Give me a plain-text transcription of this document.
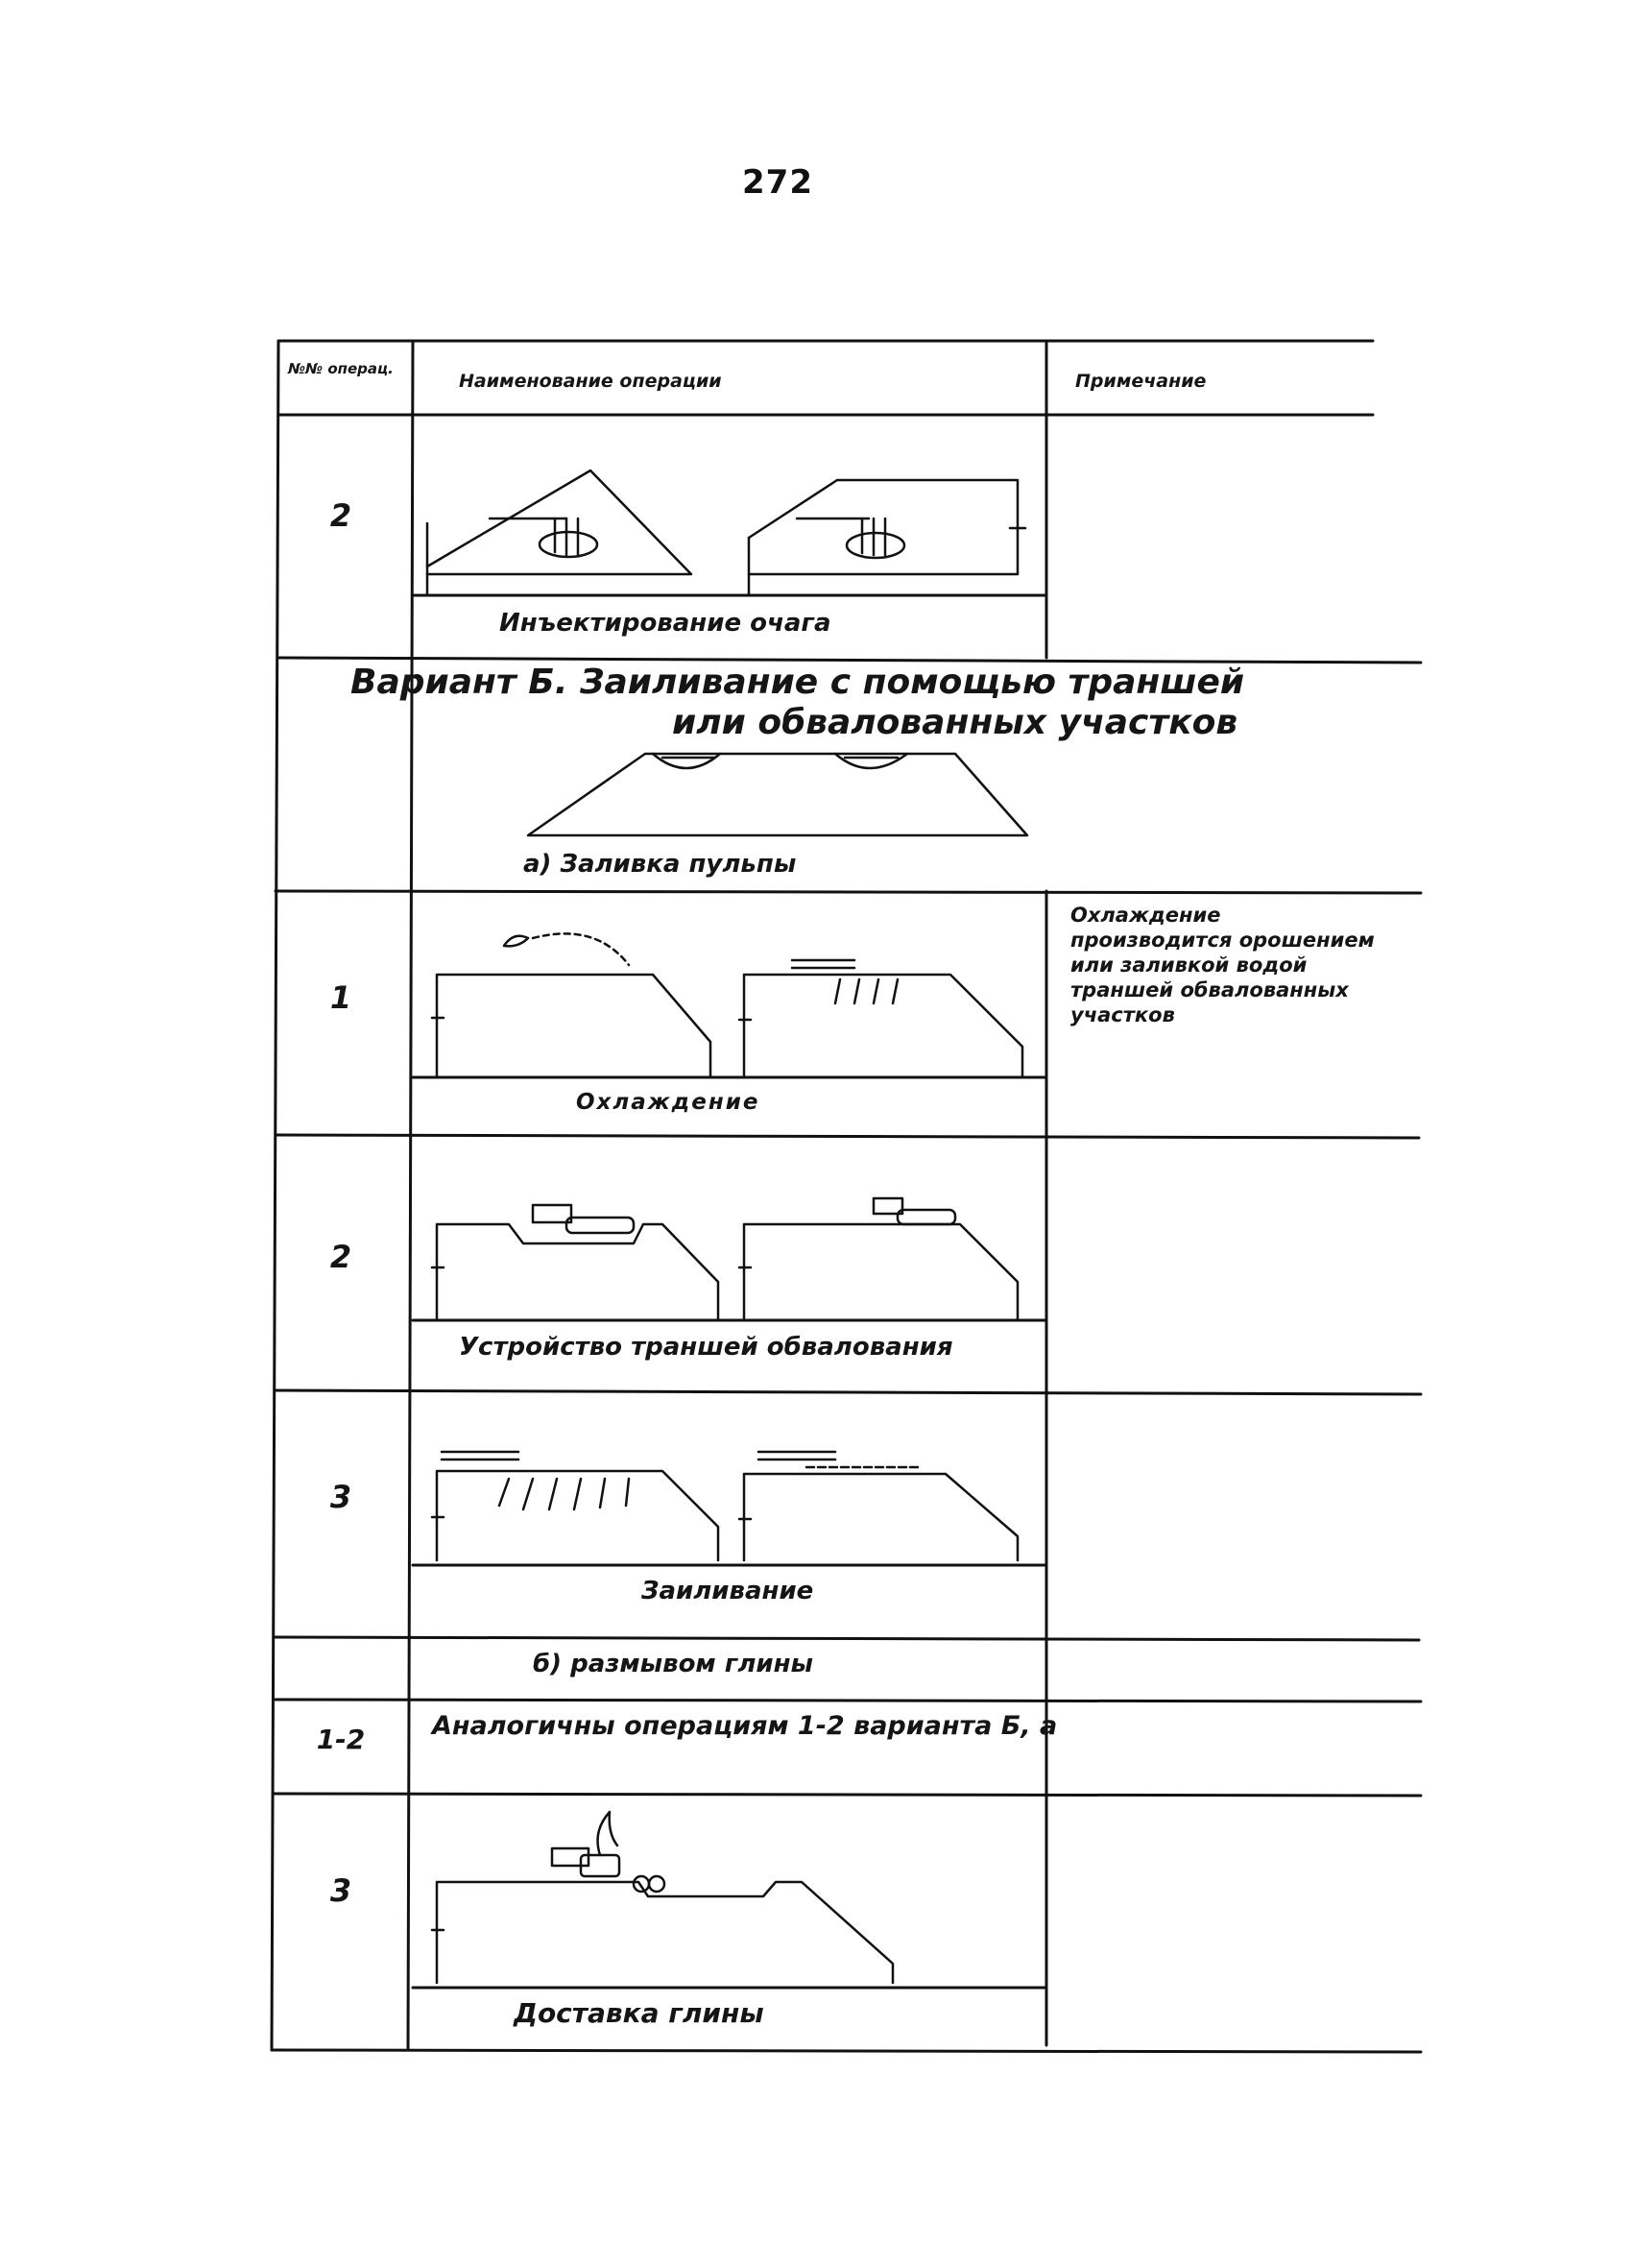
272
№№ операц.
Наименование операции	Примечание
2
Инъектирование очага
Вариант Б. Заиливание с помощью траншей
или обвалованных участков
а) Заливка пульпы
1
Охлаждение
Охлаждение производится орошением или заливкой водой траншей обвалованных участков
2
Устройство траншей обвалования
3
Заиливание
б) размывом глины
1-2	Аналогичны операциям 1-2 варианта Б, а
3
Доставка глины
